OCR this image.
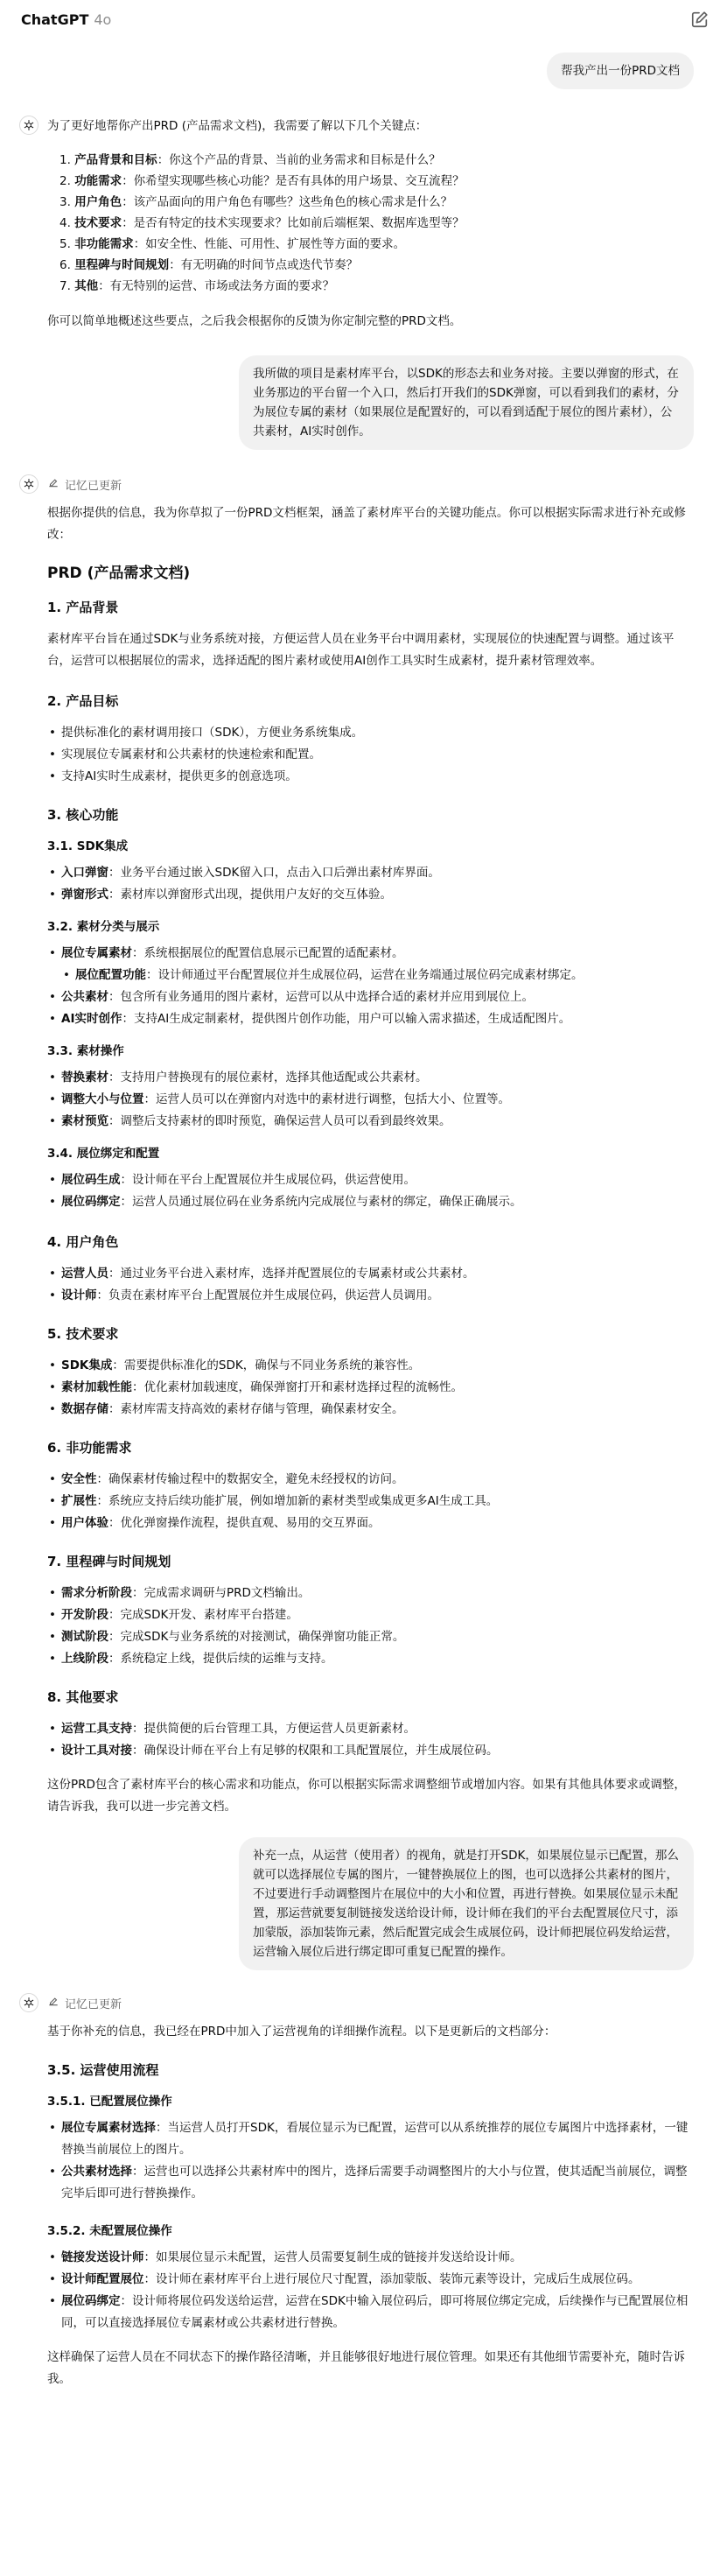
ChatGPT 4o
帮我产出一份PRD文档

为了更好地帮你产出PRD (产品需求文档)，我需要了解以下几个关键点：

1. 产品背景和目标：你这个产品的背景、当前的业务需求和目标是什么？
2. 功能需求：你希望实现哪些核心功能？是否有具体的用户场景、交互流程？
3. 用户角色：该产品面向的用户角色有哪些？这些角色的核心需求是什么？
4. 技术要求：是否有特定的技术实现要求？比如前后端框架、数据库选型等？
5. 非功能需求：如安全性、性能、可用性、扩展性等方面的要求。
6. 里程碑与时间规划：有无明确的时间节点或迭代节奏？
7. 其他：有无特别的运营、市场或法务方面的要求？

你可以简单地概述这些要点，之后我会根据你的反馈为你定制完整的PRD文档。

我所做的项目是素材库平台，以SDK的形态去和业务对接。主要以弹窗的形式，在业务那边的平台留一个入口，然后打开我们的SDK弹窗，可以看到我们的素材，分为展位专属的素材（如果展位是配置好的，可以看到适配于展位的图片素材），公共素材，AI实时创作。
记忆已更新

根据你提供的信息，我为你草拟了一份PRD文档框架，涵盖了素材库平台的关键功能点。你可以根据实际需求进行补充或修改：

PRD (产品需求文档)
1. 产品背景

素材库平台旨在通过SDK与业务系统对接，方便运营人员在业务平台中调用素材，实现展位的快速配置与调整。通过该平台，运营可以根据展位的需求，选择适配的图片素材或使用AI创作工具实时生成素材，提升素材管理效率。

2. 产品目标
• 提供标准化的素材调用接口（SDK），方便业务系统集成。
• 实现展位专属素材和公共素材的快速检索和配置。
• 支持AI实时生成素材，提供更多的创意选项。
3. 核心功能
3.1. SDK集成
• 入口弹窗：业务平台通过嵌入SDK留入口，点击入口后弹出素材库界面。
• 弹窗形式：素材库以弹窗形式出现，提供用户友好的交互体验。
3.2. 素材分类与展示
• 展位专属素材：系统根据展位的配置信息展示已配置的适配素材。
• 展位配置功能：设计师通过平台配置展位并生成展位码，运营在业务端通过展位码完成素材绑定。
• 公共素材：包含所有业务通用的图片素材，运营可以从中选择合适的素材并应用到展位上。
• AI实时创作：支持AI生成定制素材，提供图片创作功能，用户可以输入需求描述，生成适配图片。
3.3. 素材操作
• 替换素材：支持用户替换现有的展位素材，选择其他适配或公共素材。
• 调整大小与位置：运营人员可以在弹窗内对选中的素材进行调整，包括大小、位置等。
• 素材预览：调整后支持素材的即时预览，确保运营人员可以看到最终效果。
3.4. 展位绑定和配置
• 展位码生成：设计师在平台上配置展位并生成展位码，供运营使用。
• 展位码绑定：运营人员通过展位码在业务系统内完成展位与素材的绑定，确保正确展示。
4. 用户角色
• 运营人员：通过业务平台进入素材库，选择并配置展位的专属素材或公共素材。
• 设计师：负责在素材库平台上配置展位并生成展位码，供运营人员调用。
5. 技术要求
• SDK集成：需要提供标准化的SDK，确保与不同业务系统的兼容性。
• 素材加载性能：优化素材加载速度，确保弹窗打开和素材选择过程的流畅性。
• 数据存储：素材库需支持高效的素材存储与管理，确保素材安全。
6. 非功能需求
• 安全性：确保素材传输过程中的数据安全，避免未经授权的访问。
• 扩展性：系统应支持后续功能扩展，例如增加新的素材类型或集成更多AI生成工具。
• 用户体验：优化弹窗操作流程，提供直观、易用的交互界面。
7. 里程碑与时间规划
• 需求分析阶段：完成需求调研与PRD文档输出。
• 开发阶段：完成SDK开发、素材库平台搭建。
• 测试阶段：完成SDK与业务系统的对接测试，确保弹窗功能正常。
• 上线阶段：系统稳定上线，提供后续的运维与支持。
8. 其他要求
• 运营工具支持：提供简便的后台管理工具，方便运营人员更新素材。
• 设计工具对接：确保设计师在平台上有足够的权限和工具配置展位，并生成展位码。

这份PRD包含了素材库平台的核心需求和功能点，你可以根据实际需求调整细节或增加内容。如果有其他具体要求或调整，请告诉我，我可以进一步完善文档。

补充一点，从运营（使用者）的视角，就是打开SDK，如果展位显示已配置，那么就可以选择展位专属的图片，一键替换展位上的图，也可以选择公共素材的图片，不过要进行手动调整图片在展位中的大小和位置，再进行替换。如果展位显示未配置，那运营就要复制链接发送给设计师，设计师在我们的平台去配置展位尺寸，添加蒙版，添加装饰元素，然后配置完成会生成展位码，设计师把展位码发给运营，运营输入展位后进行绑定即可重复已配置的操作。
记忆已更新

基于你补充的信息，我已经在PRD中加入了运营视角的详细操作流程。以下是更新后的文档部分：

3.5. 运营使用流程
3.5.1. 已配置展位操作
• 展位专属素材选择：当运营人员打开SDK，看展位显示为已配置，运营可以从系统推荐的展位专属图片中选择素材，一键替换当前展位上的图片。
• 公共素材选择：运营也可以选择公共素材库中的图片，选择后需要手动调整图片的大小与位置，使其适配当前展位，调整完毕后即可进行替换操作。
3.5.2. 未配置展位操作
• 链接发送设计师：如果展位显示未配置，运营人员需要复制生成的链接并发送给设计师。
• 设计师配置展位：设计师在素材库平台上进行展位尺寸配置，添加蒙版、装饰元素等设计，完成后生成展位码。
• 展位码绑定：设计师将展位码发送给运营，运营在SDK中输入展位码后，即可将展位绑定完成，后续操作与已配置展位相同，可以直接选择展位专属素材或公共素材进行替换。

这样确保了运营人员在不同状态下的操作路径清晰，并且能够很好地进行展位管理。如果还有其他细节需要补充，随时告诉我。
